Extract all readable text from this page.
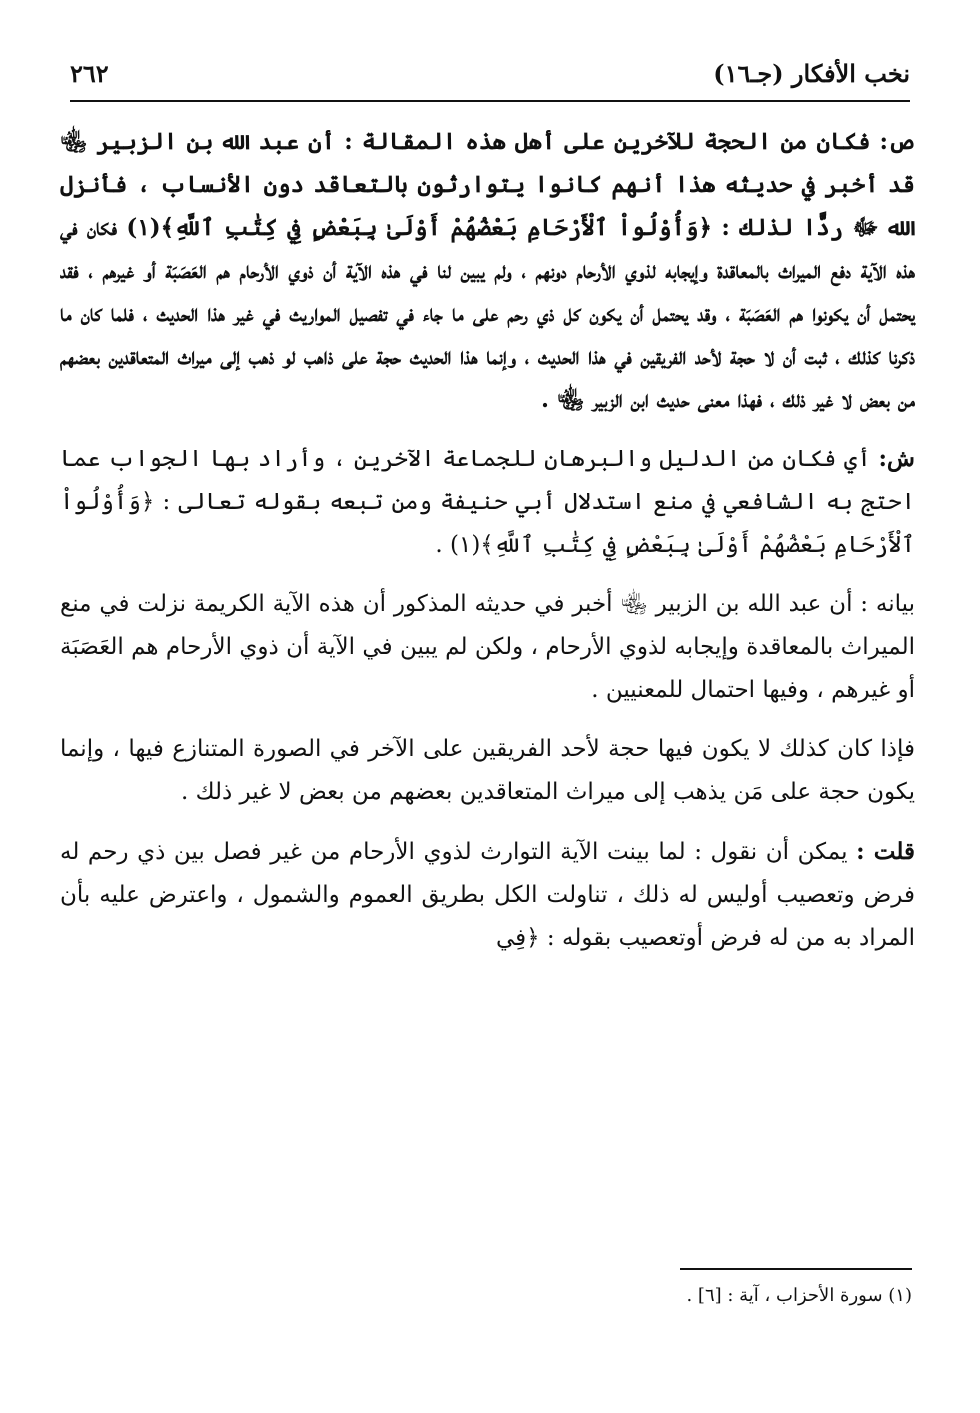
نخب الأفكار (جـ١٦)
٢٦٢

ص: فكان من الحجة للآخرين على أهل هذه المقالة : أن عبد الله بن الزبير ﵄ قد أخبر في حديثه هذا أنهم كانوا يتوارثون بالتعاقد دون الأنساب ، فأنزل الله ﷻ ردًّا لذلك : ﴿وَأُوْلُواْ ٱلْأَرْحَامِ بَعْضُهُمْ أَوْلَىٰ بِبَعْضٍ فِي كِتَٰبِ ٱللَّهِ﴾(١) فكان في هذه الآية دفع الميراث بالمعاقدة وإيجابه لذوي الأرحام دونهم ، ولم يبين لنا في هذه الآية أن ذوي الأرحام هم العَصَبَة أو غيرهم ، فقد يحتمل أن يكونوا هم العَصَبَة ، وقد يحتمل أن يكون كل ذي رحم على ما جاء في تفصيل المواريث في غير هذا الحديث ، فلما كان ما ذكرنا كذلك ، ثبت أن لا حجة لأحد الفريقين في هذا الحديث ، وإنما هذا الحديث حجة على ذاهب لو ذهب إلى ميراث المتعاقدين بعضهم من بعض لا غير ذلك ، فهذا معنى حديث ابن الزبير ﵄ .

ش: أي فكان من الدليل والبرهان للجماعة الآخرين ، وأراد بها الجواب عما احتج به الشافعي في منع استدلال أبي حنيفة ومن تبعه بقوله تعالى : ﴿وَأُوْلُواْ ٱلْأَرْحَامِ بَعْضُهُمْ أَوْلَىٰ بِبَعْضٍ فِي كِتَٰبِ ٱللَّهِ﴾(١) .

بيانه : أن عبد الله بن الزبير ﵄ أخبر في حديثه المذكور أن هذه الآية الكريمة نزلت في منع الميراث بالمعاقدة وإيجابه لذوي الأرحام ، ولكن لم يبين في الآية أن ذوي الأرحام هم العَصَبَة أو غيرهم ، وفيها احتمال للمعنيين .

فإذا كان كذلك لا يكون فيها حجة لأحد الفريقين على الآخر في الصورة المتنازع فيها ، وإنما يكون حجة على مَن يذهب إلى ميراث المتعاقدين بعضهم من بعض لا غير ذلك .

قلت : يمكن أن نقول : لما بينت الآية التوارث لذوي الأرحام من غير فصل بين ذي رحم له فرض وتعصيب أوليس له ذلك ، تناولت الكل بطريق العموم والشمول ، واعترض عليه بأن المراد به من له فرض أوتعصيب بقوله : ﴿فِي

(١) سورة الأحزاب ، آية : [٦] .
